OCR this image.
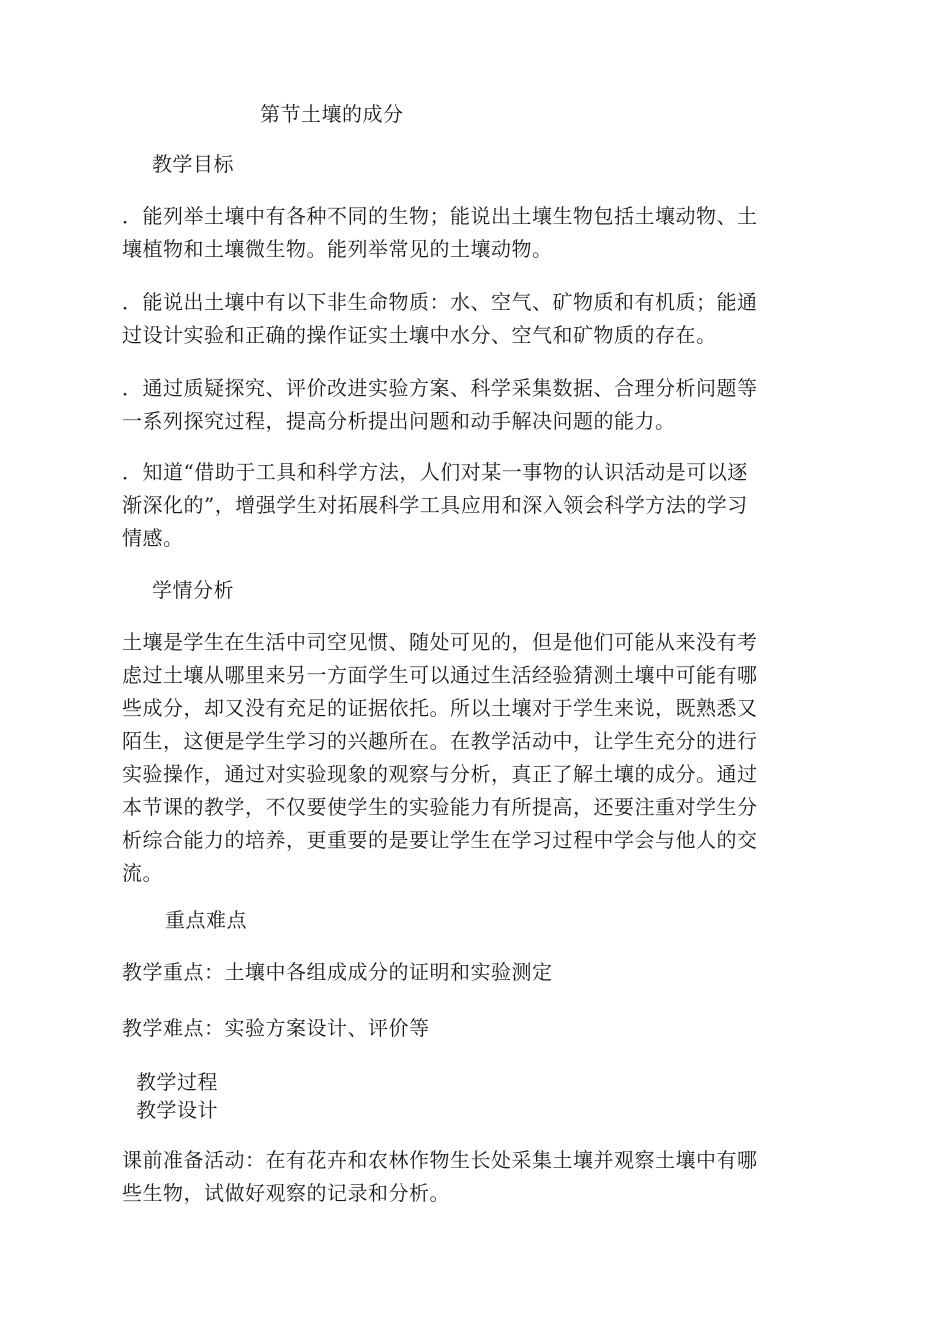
第节土壤的成分
教学目标
．能列举土壤中有各种不同的生物；能说出土壤生物包括土壤动物、土
壤植物和土壤微生物。能列举常见的土壤动物。
．能说出土壤中有以下非生命物质：水、空气、矿物质和有机质；能通
过设计实验和正确的操作证实土壤中水分、空气和矿物质的存在。
．通过质疑探究、评价改进实验方案、科学采集数据、合理分析问题等
一系列探究过程，提高分析提出问题和动手解决问题的能力。
．知道“借助于工具和科学方法，人们对某一事物的认识活动是可以逐
渐深化的”，增强学生对拓展科学工具应用和深入领会科学方法的学习
情感。
学情分析
土壤是学生在生活中司空见惯、随处可见的，但是他们可能从来没有考
虑过土壤从哪里来另一方面学生可以通过生活经验猜测土壤中可能有哪
些成分，却又没有充足的证据依托。所以土壤对于学生来说，既熟悉又
陌生，这便是学生学习的兴趣所在。在教学活动中，让学生充分的进行
实验操作，通过对实验现象的观察与分析，真正了解土壤的成分。通过
本节课的教学，不仅要使学生的实验能力有所提高，还要注重对学生分
析综合能力的培养，更重要的是要让学生在学习过程中学会与他人的交
流。
重点难点
教学重点：土壤中各组成成分的证明和实验测定
教学难点：实验方案设计、评价等
教学过程
教学设计
课前准备活动：在有花卉和农林作物生长处采集土壤并观察土壤中有哪
些生物，试做好观察的记录和分析。
